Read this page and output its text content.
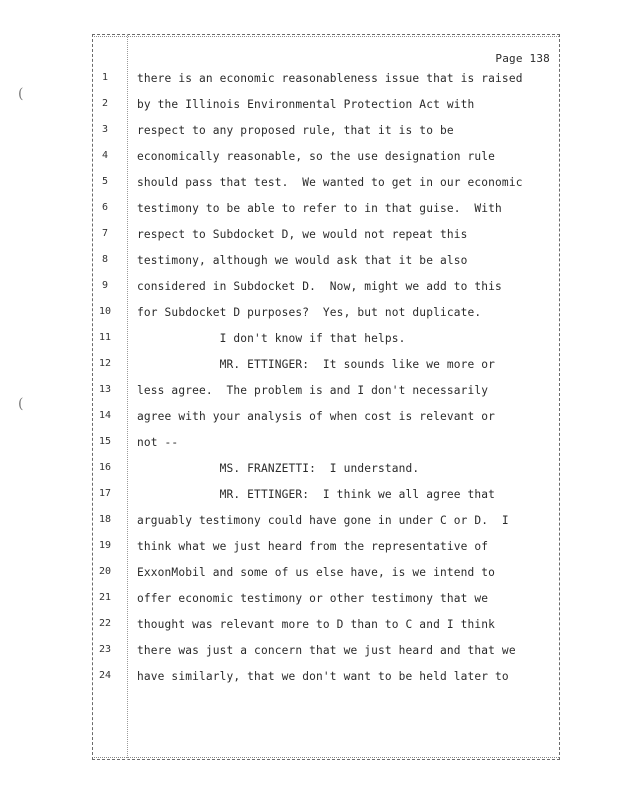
(
(
Page 138
1	there is an economic reasonableness issue that is raised
2	by the Illinois Environmental Protection Act with
3	respect to any proposed rule, that it is to be
4	economically reasonable, so the use designation rule
5	should pass that test.  We wanted to get in our economic
6	testimony to be able to refer to in that guise.  With
7	respect to Subdocket D, we would not repeat this
8	testimony, although we would ask that it be also
9	considered in Subdocket D.  Now, might we add to this
10	for Subdocket D purposes?  Yes, but not duplicate.
11	I don't know if that helps.
12	MR. ETTINGER:  It sounds like we more or
13	less agree.  The problem is and I don't necessarily
14	agree with your analysis of when cost is relevant or
15	not --
16	MS. FRANZETTI:  I understand.
17	MR. ETTINGER:  I think we all agree that
18	arguably testimony could have gone in under C or D.  I
19	think what we just heard from the representative of
20	ExxonMobil and some of us else have, is we intend to
21	offer economic testimony or other testimony that we
22	thought was relevant more to D than to C and I think
23	there was just a concern that we just heard and that we
24	have similarly, that we don't want to be held later to
